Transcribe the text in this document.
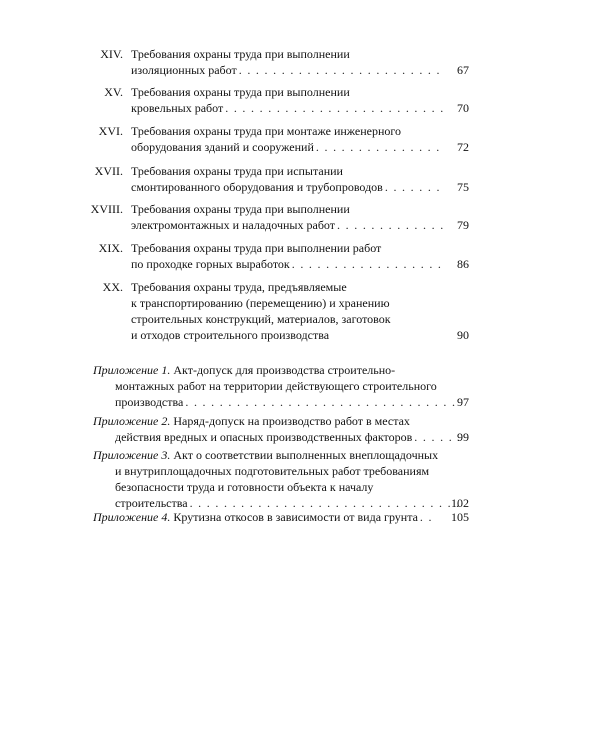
XIV. Требования охраны труда при выполнении
изоляционных работ . . .	67
XV. Требования охраны труда при выполнении
кровельных работ . . .	70
XVI. Требования охраны труда при монтаже инженерного
оборудования зданий и сооружений . . .	72
XVII. Требования охраны труда при испытании
смонтированного оборудования и трубопроводов . . .	75
XVIII. Требования охраны труда при выполнении
электромонтажных и наладочных работ . . .	79
XIX. Требования охраны труда при выполнении работ
по проходке горных выработок . . .	86
XX. Требования охраны труда, предъявляемые
к транспортированию (перемещению) и хранению
строительных конструкций, материалов, заготовок
и отходов строительного производства	90
Приложение 1. Акт-допуск для производства строительно-
монтажных работ на территории действующего строительного
производства . . .	97
Приложение 2. Наряд-допуск на производство работ в местах
действия вредных и опасных производственных факторов . . .	99
Приложение 3. Акт о соответствии выполненных внеплощадочных
и внутриплощадочных подготовительных работ требованиям
безопасности труда и готовности объекта к началу
строительства . . .	102
Приложение 4. Крутизна откосов в зависимости от вида грунта . . .	105
